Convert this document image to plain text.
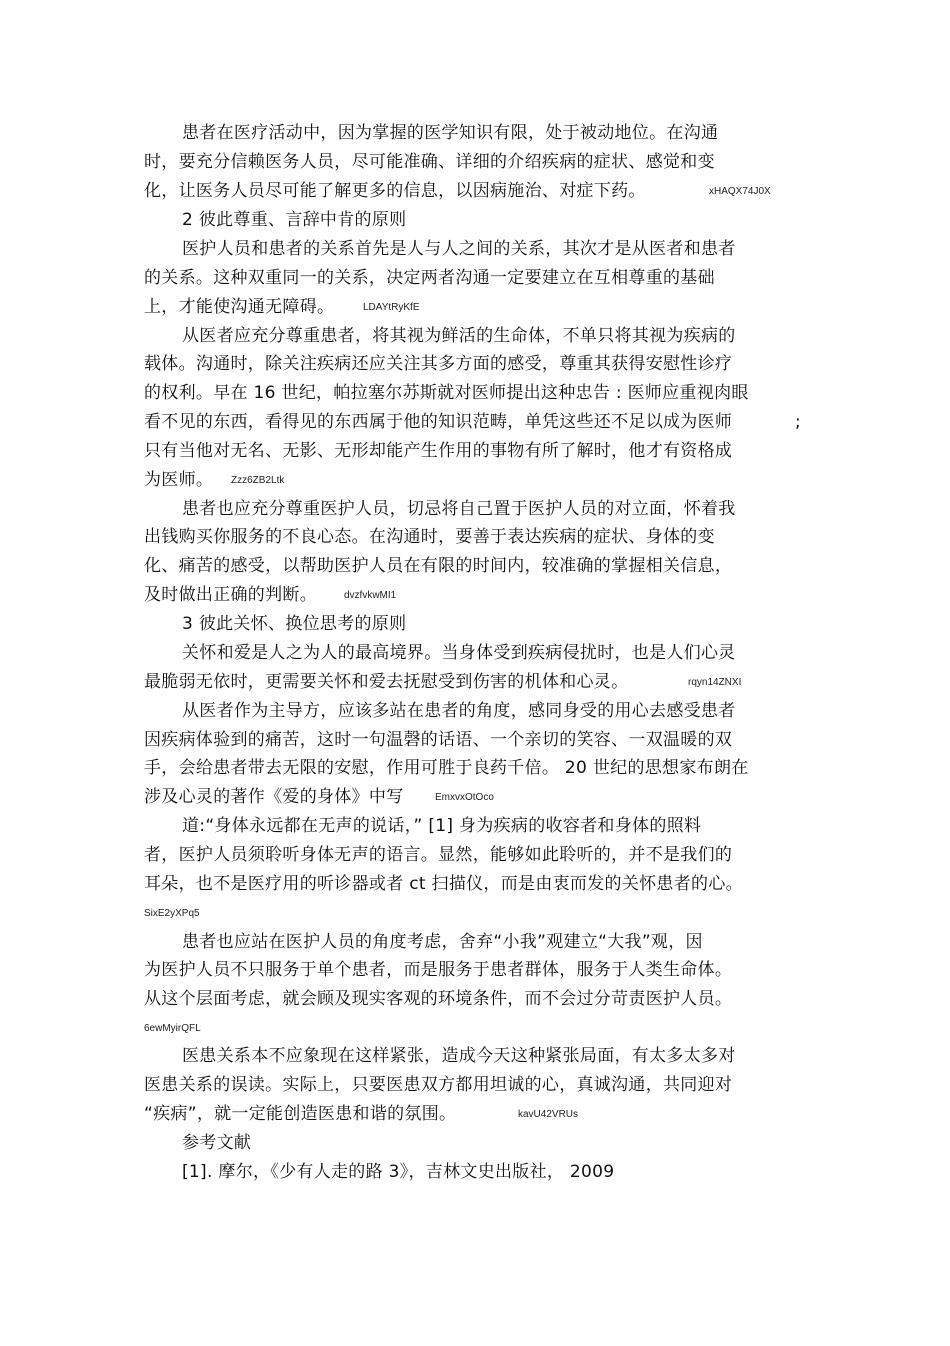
患者在医疗活动中，因为掌握的医学知识有限，处于被动地位。在沟通
时，要充分信赖医务人员，尽可能准确、详细的介绍疾病的症状、感觉和变
化，让医务人员尽可能了解更多的信息，以因病施治、对症下药。	xHAQX74J0X
2 彼此尊重、言辞中肯的原则
医护人员和患者的关系首先是人与人之间的关系，其次才是从医者和患者
的关系。这种双重同一的关系，决定两者沟通一定要建立在互相尊重的基础
上，才能使沟通无障碍。	LDAYtRyKfE
从医者应充分尊重患者，将其视为鲜活的生命体，不单只将其视为疾病的
载体。沟通时，除关注疾病还应关注其多方面的感受，尊重其获得安慰性诊疗
的权利。早在 16 世纪，帕拉塞尔苏斯就对医师提出这种忠告 : 医师应重视肉眼
看不见的东西，看得见的东西属于他的知识范畴，单凭这些还不足以成为医师	;
只有当他对无名、无影、无形却能产生作用的事物有所了解时，他才有资格成
为医师。 Zzz6ZB2Ltk
患者也应充分尊重医护人员，切忌将自己置于医护人员的对立面，怀着我
出钱购买你服务的不良心态。在沟通时，要善于表达疾病的症状、身体的变
化、痛苦的感受，以帮助医护人员在有限的时间内，较准确的掌握相关信息，
及时做出正确的判断。	dvzfvkwMI1
3 彼此关怀、换位思考的原则
关怀和爱是人之为人的最高境界。当身体受到疾病侵扰时，也是人们心灵
最脆弱无依时，更需要关怀和爱去抚慰受到伤害的机体和心灵。	rqyn14ZNXI
从医者作为主导方，应该多站在患者的角度，感同身受的用心去感受患者
因疾病体验到的痛苦，这时一句温磬的话语、一个亲切的笑容、一双温暖的双
手，会给患者带去无限的安慰，作用可胜于良药千倍。 20 世纪的思想家布朗在
涉及心灵的著作《爱的身体》中写	EmxvxOtOco
道:“身体永远都在无声的说话，” [1] 身为疾病的收容者和身体的照料
者，医护人员须聆听身体无声的语言。显然，能够如此聆听的，并不是我们的
耳朵，也不是医疗用的听诊器或者 ct 扫描仪，而是由衷而发的关怀患者的心。
SixE2yXPq5
患者也应站在医护人员的角度考虑，舍弃“小我”观建立“大我”观，因
为医护人员不只服务于单个患者，而是服务于患者群体，服务于人类生命体。
从这个层面考虑，就会顾及现实客观的环境条件，而不会过分苛责医护人员。
6ewMyirQFL
医患关系本不应象现在这样紧张，造成今天这种紧张局面，有太多太多对
医患关系的误读。实际上，只要医患双方都用坦诚的心，真诚沟通，共同迎对
“疾病”，就一定能创造医患和谐的氛围。	kavU42VRUs
参考文献
[1]. 摩尔，《少有人走的路 3》，吉林文史出版社， 2009
